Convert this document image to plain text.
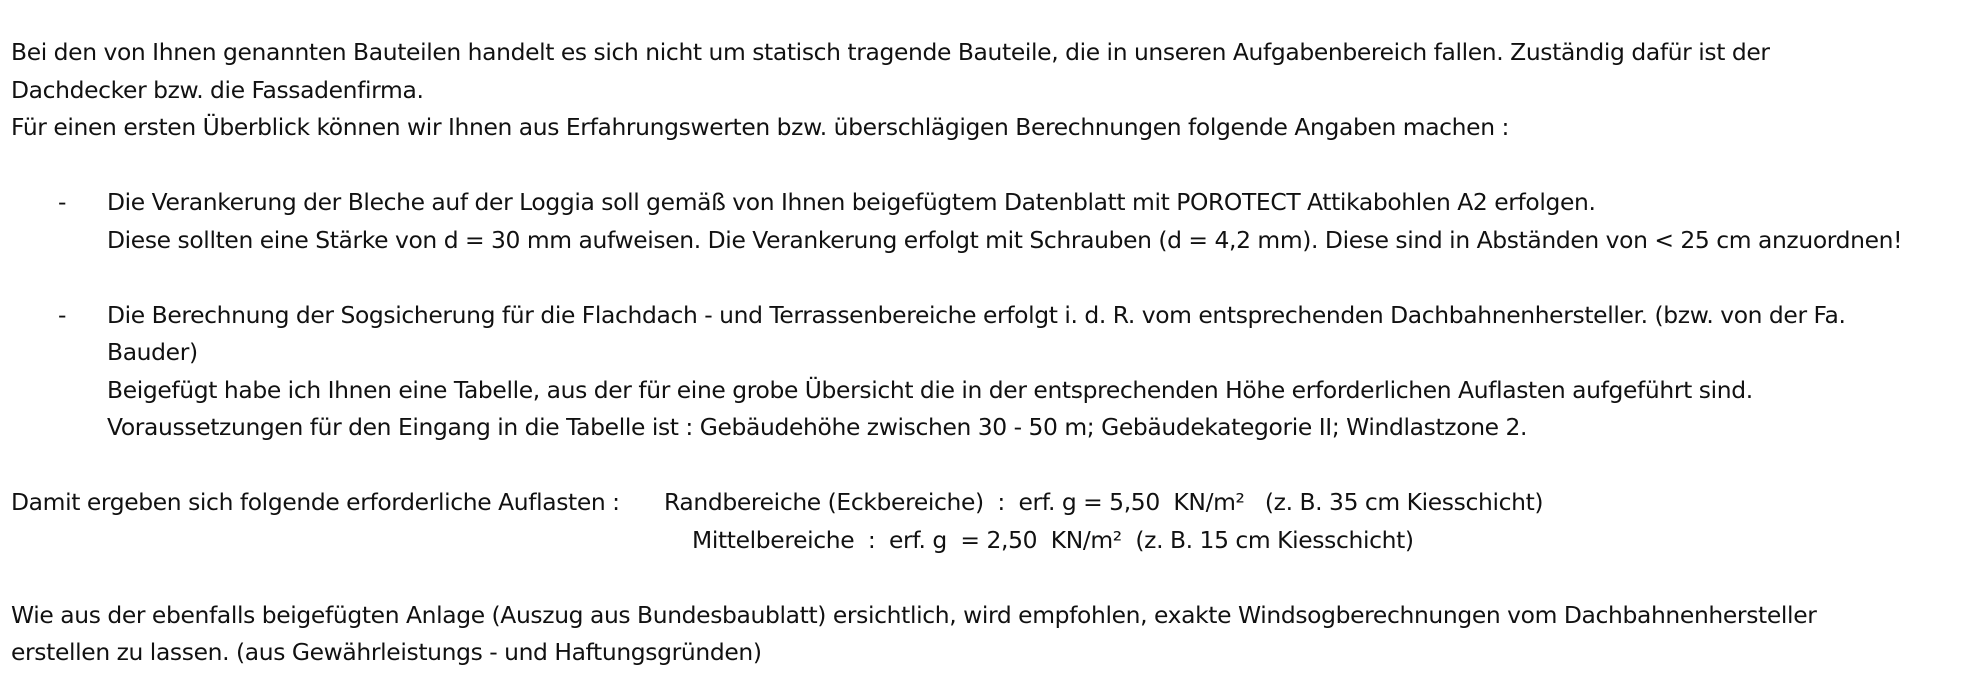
Bei den von Ihnen genannten Bauteilen handelt es sich nicht um statisch tragende Bauteile, die in unseren Aufgabenbereich fallen. Zuständig dafür ist der
Dachdecker bzw. die Fassadenfirma.
Für einen ersten Überblick können wir Ihnen aus Erfahrungswerten bzw. überschlägigen Berechnungen folgende Angaben machen :
- Die Verankerung der Bleche auf der Loggia soll gemäß von Ihnen beigefügtem Datenblatt mit POROTECT Attikabohlen A2 erfolgen.
Diese sollten eine Stärke von d = 30 mm aufweisen. Die Verankerung erfolgt mit Schrauben (d = 4,2 mm). Diese sind in Abständen von < 25 cm anzuordnen!
- Die Berechnung der Sogsicherung für die Flachdach - und Terrassenbereiche erfolgt i. d. R. vom entsprechenden Dachbahnenhersteller. (bzw. von der Fa.
Bauder)
Beigefügt habe ich Ihnen eine Tabelle, aus der für eine grobe Übersicht die in der entsprechenden Höhe erforderlichen Auflasten aufgeführt sind.
Voraussetzungen für den Eingang in die Tabelle ist : Gebäudehöhe zwischen 30 - 50 m; Gebäudekategorie II; Windlastzone 2.
Damit ergeben sich folgende erforderliche Auflasten : Randbereiche (Eckbereiche)  :  erf. g = 5,50  KN/m²   (z. B. 35 cm Kiesschicht)
Mittelbereiche  :  erf. g  = 2,50  KN/m²  (z. B. 15 cm Kiesschicht)
Wie aus der ebenfalls beigefügten Anlage (Auszug aus Bundesbaublatt) ersichtlich, wird empfohlen, exakte Windsogberechnungen vom Dachbahnenhersteller
erstellen zu lassen. (aus Gewährleistungs - und Haftungsgründen)
